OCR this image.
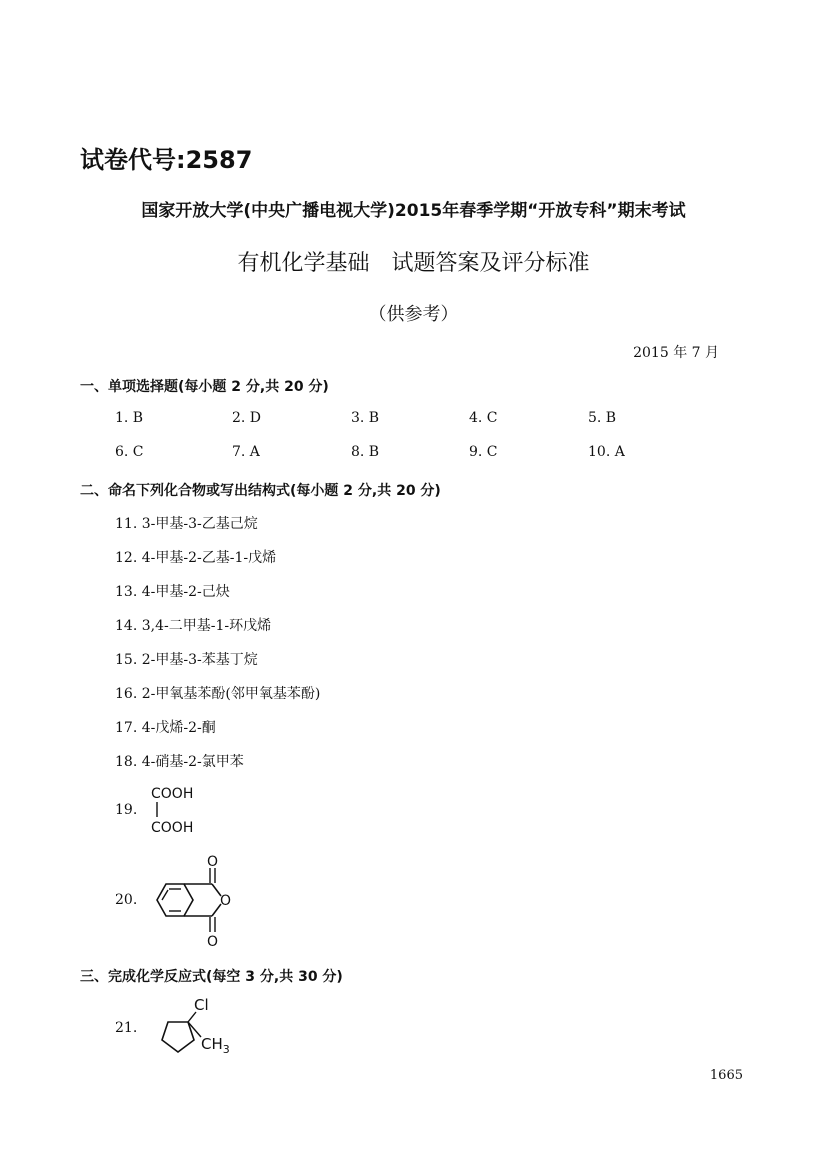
试卷代号:2587
国家开放大学(中央广播电视大学)2015年春季学期“开放专科”期末考试
有机化学基础　试题答案及评分标准
（供参考）
2015 年 7 月
一、单项选择题(每小题 2 分,共 20 分)
1. B	2. D	3. B	4. C	5. B
6. C	7. A	8. B	9. C	10. A
二、命名下列化合物或写出结构式(每小题 2 分,共 20 分)
11. 3-甲基-3-乙基己烷
12. 4-甲基-2-乙基-1-戊烯
13. 4-甲基-2-己炔
14. 3,4-二甲基-1-环戊烯
15. 2-甲基-3-苯基丁烷
16. 2-甲氧基苯酚(邻甲氧基苯酚)
17. 4-戊烯-2-酮
18. 4-硝基-2-氯甲苯
19.
COOH
COOH
20.
O
O
O
三、完成化学反应式(每空 3 分,共 30 分)
21.
Cl
$CH_3$
1665
